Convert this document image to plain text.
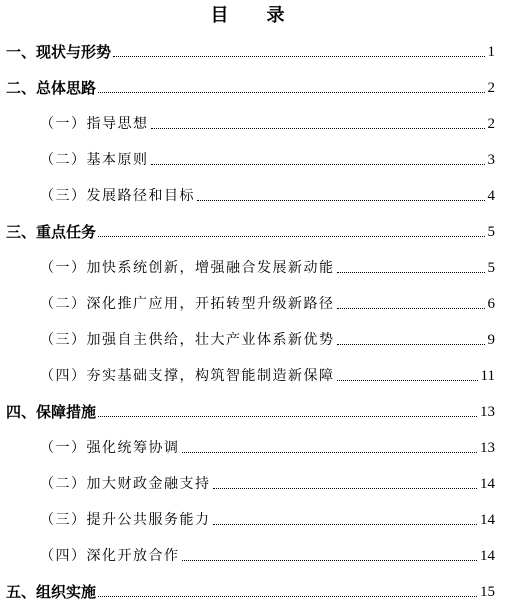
目　录
一、现状与形势	1
二、总体思路	2
（一）指导思想	2
（二）基本原则	3
（三）发展路径和目标	4
三、重点任务	5
（一）加快系统创新，增强融合发展新动能	5
（二）深化推广应用，开拓转型升级新路径	6
（三）加强自主供给，壮大产业体系新优势	9
（四）夯实基础支撑，构筑智能制造新保障	11
四、保障措施	13
（一）强化统筹协调	13
（二）加大财政金融支持	14
（三）提升公共服务能力	14
（四）深化开放合作	14
五、组织实施	15
